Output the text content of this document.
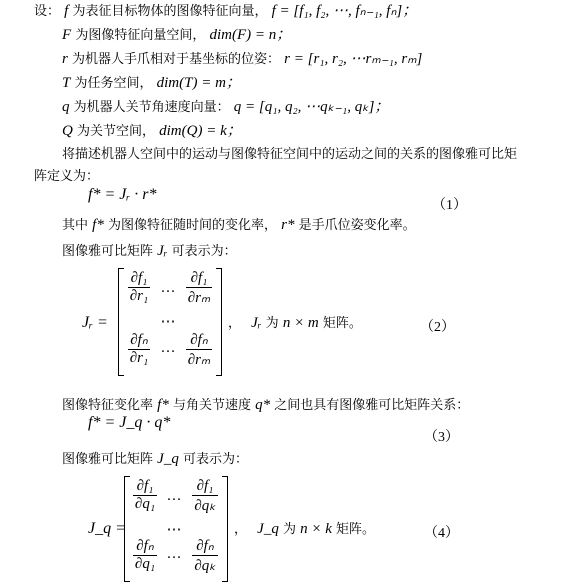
设： f 为表征目标物体的图像特征向量， f = [f₁, f₂, ⋯, fₙ₋₁, fₙ]；
F 为图像特征向量空间， dim(F) = n；
r 为机器人手爪相对于基坐标的位姿： r = [r₁, r₂, ⋯rₘ₋₁, rₘ]
T 为任务空间， dim(T) = m；
q 为机器人关节角速度向量： q = [q₁, q₂, ⋯qₖ₋₁, qₖ]；
Q 为关节空间， dim(Q) = k；
将描述机器人空间中的运动与图像特征空间中的运动之间的关系的图像雅可比矩
阵定义为：
f* = Jᵣ · r*
（1）
其中 f* 为图像特征随时间的变化率， r* 是手爪位姿变化率。
图像雅可比矩阵 Jᵣ 可表示为：
Jᵣ =
$\frac{\text{∂f₁}}{\text{∂r₁}}$ … $\frac{\text{∂f₁}}{\text{∂rₘ}}$
⋯
$\frac{\text{∂fₙ}}{\text{∂r₁}}$ … $\frac{\text{∂fₙ}}{\text{∂rₘ}}$
， Jᵣ 为 n × m 矩阵。	（2）
图像特征变化率 f* 与角关节速度 q* 之间也具有图像雅可比矩阵关系：
f* = J_q · q*
（3）
图像雅可比矩阵 J_q 可表示为：
J_q =
$\frac{\text{∂f₁}}{\text{∂q₁}}$ … $\frac{\text{∂f₁}}{\text{∂qₖ}}$
⋯
$\frac{\text{∂fₙ}}{\text{∂q₁}}$ … $\frac{\text{∂fₙ}}{\text{∂qₖ}}$
， J_q 为 n × k 矩阵。	（4）
